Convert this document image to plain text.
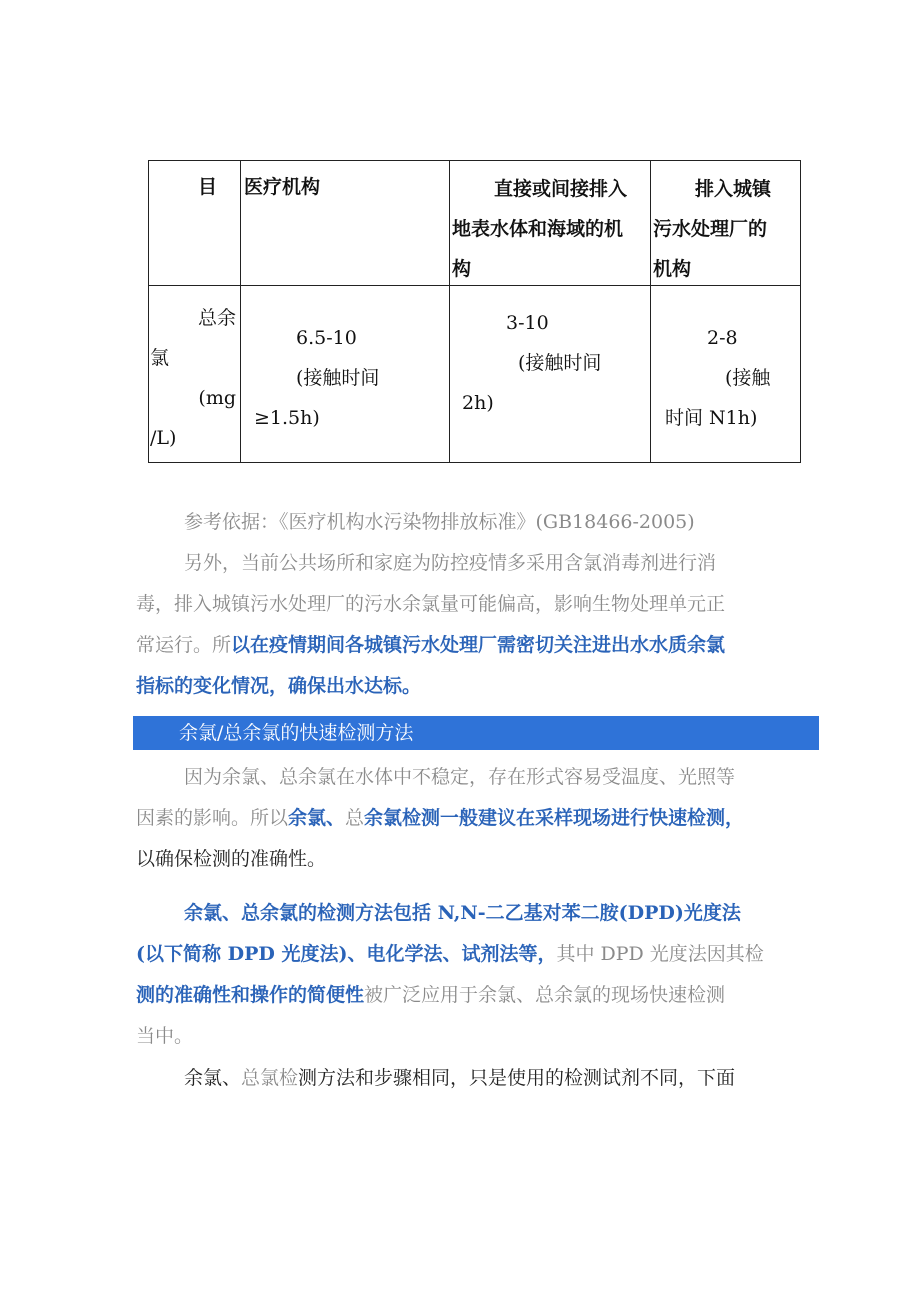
目 医疗机构	直接或间接排入
地表水体和海域的机
构
排入城镇
污水处理厂的
机构
总余
氯
(mg
/L)
6.5-10
(接触时间
≥1.5h)
3-10
(接触时间
2h)
2-8
(接触
时间 N1h)
参考依据：《医疗机构水污染物排放标准》(GB18466-2005)
另外，当前公共场所和家庭为防控疫情多采用含氯消毒剂进行消
毒，排入城镇污水处理厂的污水余氯量可能偏高，影响生物处理单元正
常运行。所以在疫情期间各城镇污水处理厂需密切关注进出水水质余氯
指标的变化情况，确保出水达标。
余氯/总余氯的快速检测方法
因为余氯、总余氯在水体中不稳定，存在形式容易受温度、光照等
因素的影响。所以余氯、总余氯检测一般建议在采样现场进行快速检测，
以确保检测的准确性。
余氯、总余氯的检测方法包括 N,N-二乙基对苯二胺(DPD)光度法
(以下简称 DPD 光度法)、电化学法、试剂法等，其中 DPD 光度法因其检
测的准确性和操作的简便性被广泛应用于余氯、总余氯的现场快速检测
当中。
余氯、总氯检测方法和步骤相同，只是使用的检测试剂不同，下面
